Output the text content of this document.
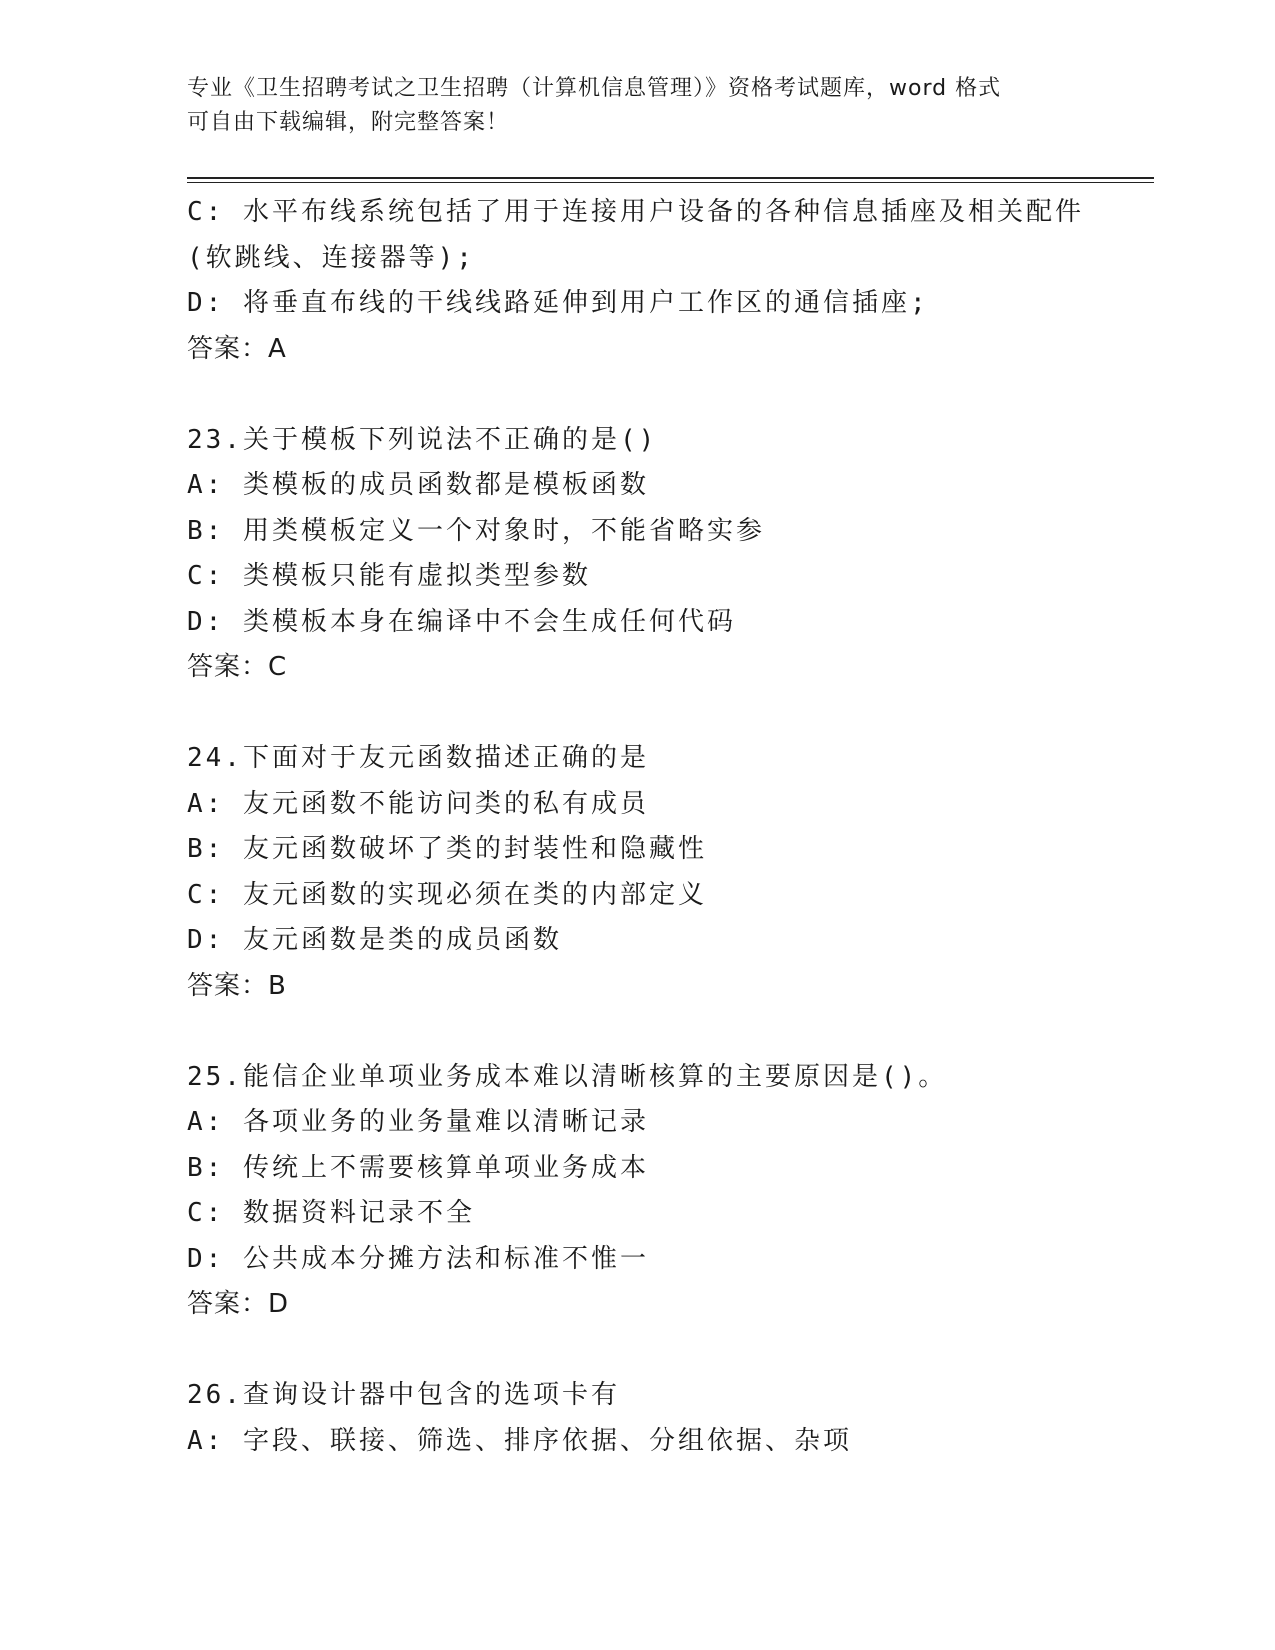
专业《卫生招聘考试之卫生招聘（计算机信息管理）》资格考试题库，word 格式
可自由下载编辑，附完整答案！
C: 水平布线系统包括了用于连接用户设备的各种信息插座及相关配件
(软跳线、连接器等);
D: 将垂直布线的干线线路延伸到用户工作区的通信插座;
答案：A
23.关于模板下列说法不正确的是()
A: 类模板的成员函数都是模板函数
B: 用类模板定义一个对象时，不能省略实参
C: 类模板只能有虚拟类型参数
D: 类模板本身在编译中不会生成任何代码
答案：C
24.下面对于友元函数描述正确的是
A: 友元函数不能访问类的私有成员
B: 友元函数破坏了类的封装性和隐藏性
C: 友元函数的实现必须在类的内部定义
D: 友元函数是类的成员函数
答案：B
25.能信企业单项业务成本难以清晰核算的主要原因是()。
A: 各项业务的业务量难以清晰记录
B: 传统上不需要核算单项业务成本
C: 数据资料记录不全
D: 公共成本分摊方法和标准不惟一
答案：D
26.查询设计器中包含的选项卡有
A: 字段、联接、筛选、排序依据、分组依据、杂项
